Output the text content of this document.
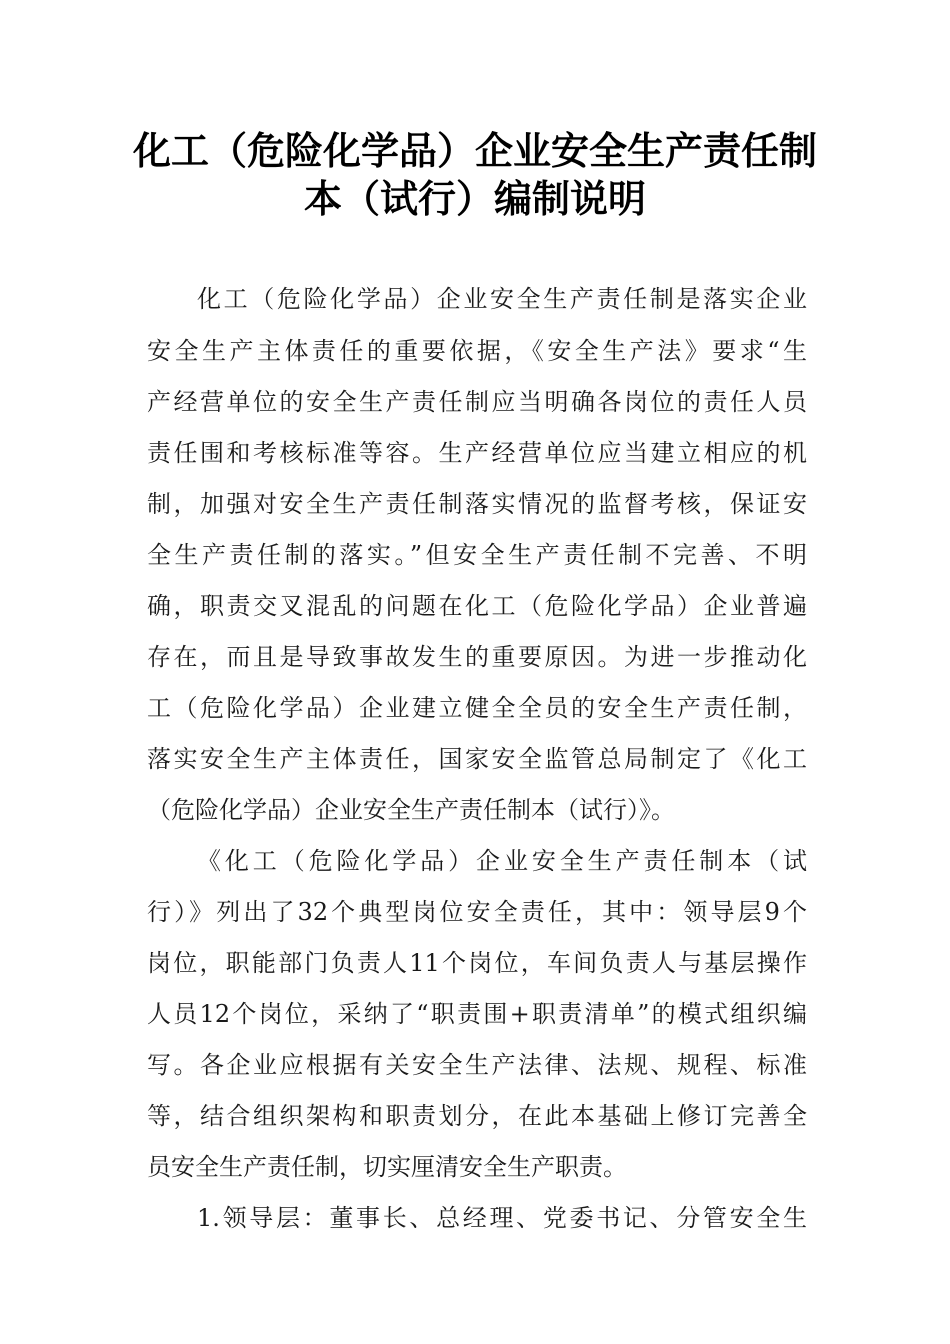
化工（危险化学品）企业安全生产责任制
本（试行）编制说明
化工（危险化学品）企业安全生产责任制是落实企业
安全生产主体责任的重要依据，《安全生产法》要求“生
产经营单位的安全生产责任制应当明确各岗位的责任人员
责任围和考核标准等容。生产经营单位应当建立相应的机
制，加强对安全生产责任制落实情况的监督考核，保证安
全生产责任制的落实。”但安全生产责任制不完善、不明
确，职责交叉混乱的问题在化工（危险化学品）企业普遍
存在，而且是导致事故发生的重要原因。为进一步推动化
工（危险化学品）企业建立健全全员的安全生产责任制，
落实安全生产主体责任，国家安全监管总局制定了《化工
（危险化学品）企业安全生产责任制本（试行）》。
《化工（危险化学品）企业安全生产责任制本（试
行）》列出了32个典型岗位安全责任，其中：领导层9个
岗位，职能部门负责人11个岗位，车间负责人与基层操作
人员12个岗位，采纳了“职责围+职责清单”的模式组织编
写。各企业应根据有关安全生产法律、法规、规程、标准
等，结合组织架构和职责划分，在此本基础上修订完善全
员安全生产责任制，切实厘清安全生产职责。
1.领导层：董事长、总经理、党委书记、分管安全生
